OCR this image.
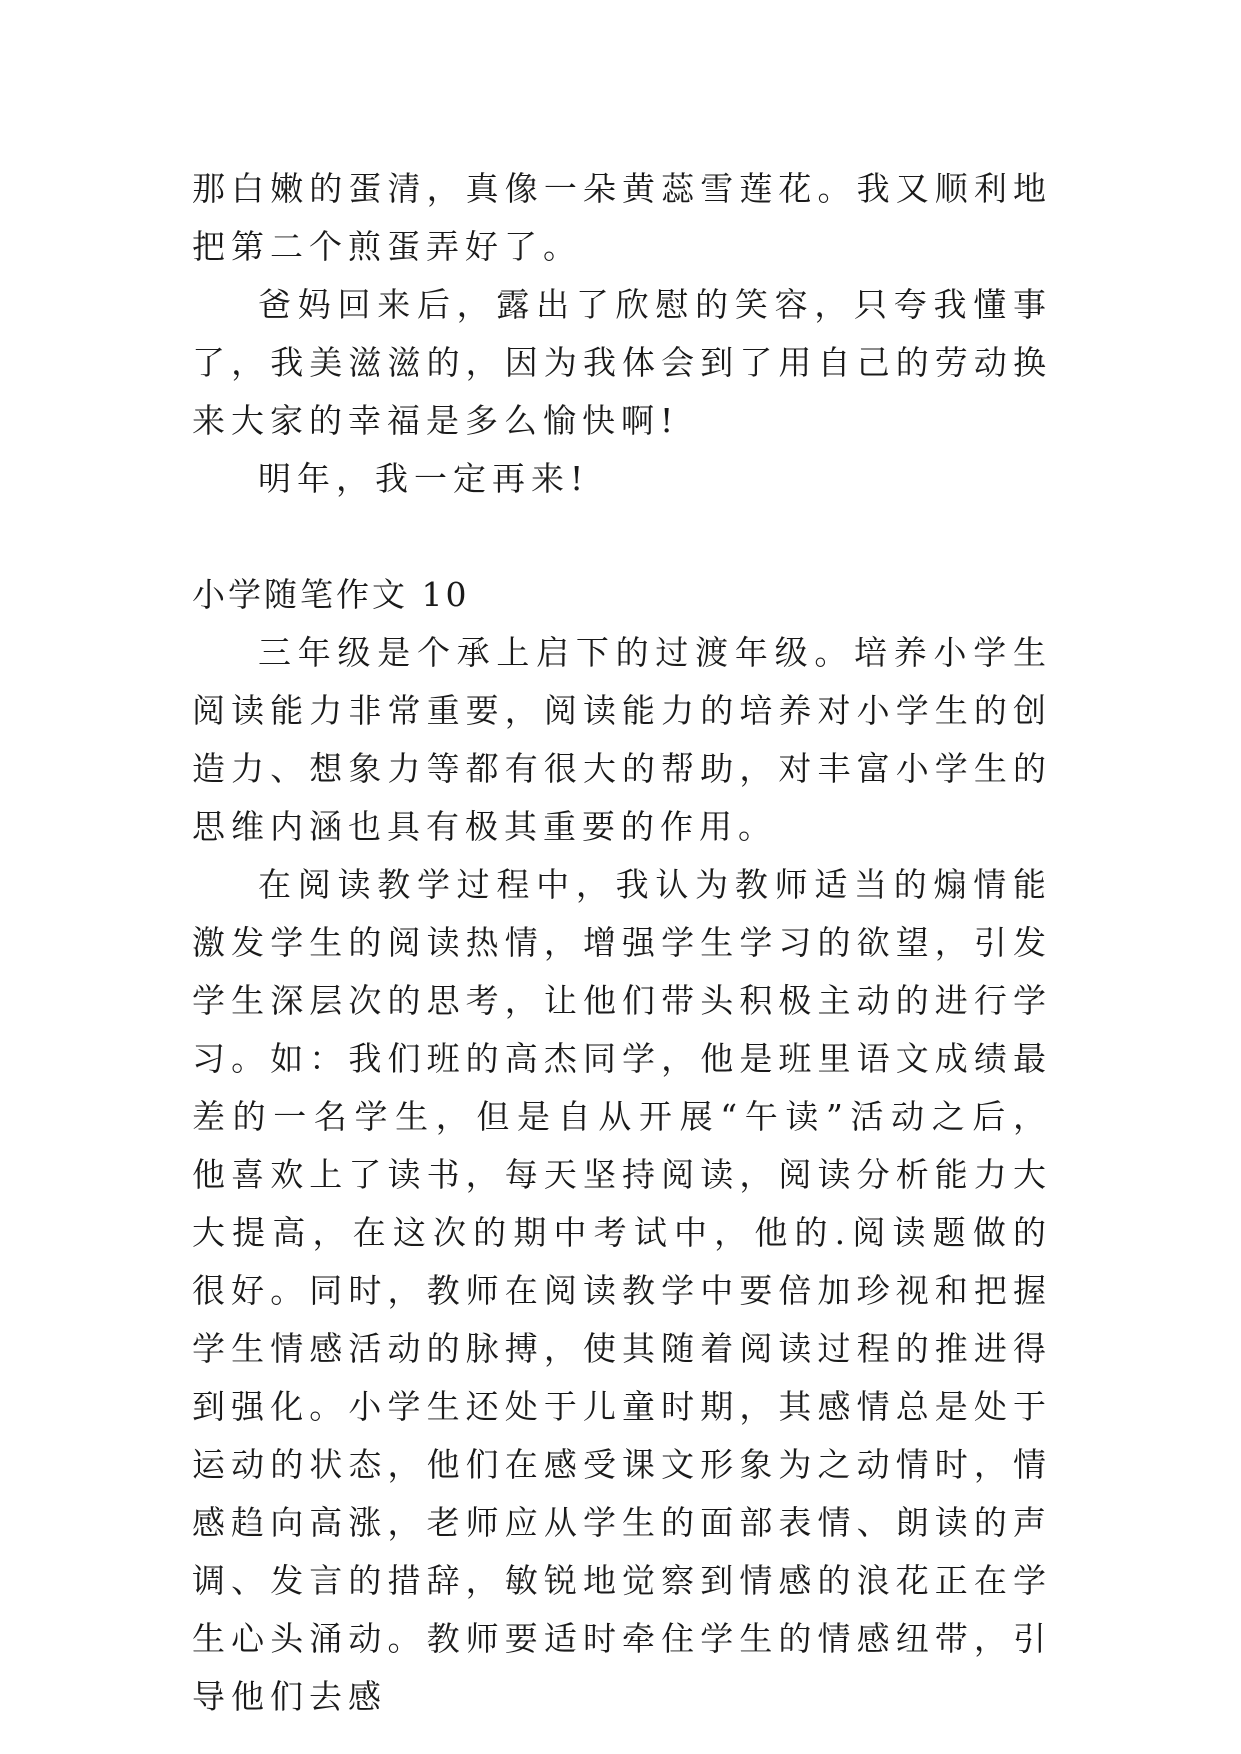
那白嫩的蛋清，真像一朵黄蕊雪莲花。我又顺利地把第二个煎蛋弄好了。

爸妈回来后，露出了欣慰的笑容，只夸我懂事了，我美滋滋的，因为我体会到了用自己的劳动换来大家的幸福是多么愉快啊!

明年，我一定再来!

小学随笔作文 10

三年级是个承上启下的过渡年级。培养小学生阅读能力非常重要，阅读能力的培养对小学生的创造力、想象力等都有很大的帮助，对丰富小学生的思维内涵也具有极其重要的作用。

在阅读教学过程中，我认为教师适当的煽情能激发学生的阅读热情，增强学生学习的欲望，引发学生深层次的思考，让他们带头积极主动的进行学习。如：我们班的高杰同学，他是班里语文成绩最差的一名学生，但是自从开展“午读”活动之后，他喜欢上了读书，每天坚持阅读，阅读分析能力大大提高，在这次的期中考试中，他的.阅读题做的很好。同时，教师在阅读教学中要倍加珍视和把握学生情感活动的脉搏，使其随着阅读过程的推进得到强化。小学生还处于儿童时期，其感情总是处于运动的状态，他们在感受课文形象为之动情时，情感趋向高涨，老师应从学生的面部表情、朗读的声调、发言的措辞，敏锐地觉察到情感的浪花正在学生心头涌动。教师要适时牵住学生的情感纽带，引导他们去感
